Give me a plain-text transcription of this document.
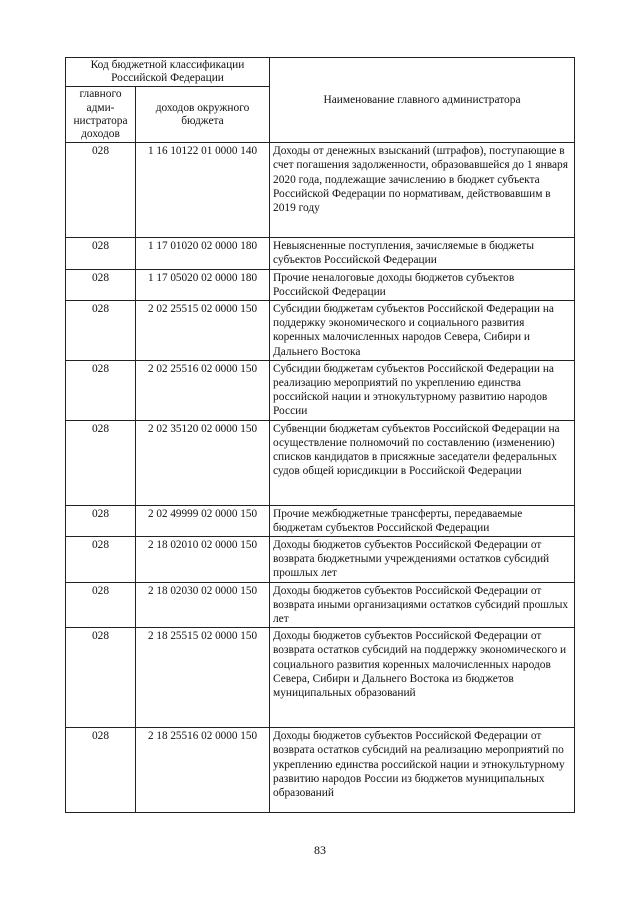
Код бюджетной классификации Российской Федерации		Наименование главного администратора
главного адми-нистратора доходов	доходов окружного бюджета	
028	1 16 10122 01 0000 140	Доходы от денежных взысканий (штрафов), поступающие в счет погашения задолженности, образовавшейся до 1 января 2020 года, подлежащие зачислению в бюджет субъекта Российской Федерации по нормативам, действовавшим в 2019 году
028	1 17 01020 02 0000 180	Невыясненные поступления, зачисляемые в бюджеты субъектов Российской Федерации
028	1 17 05020 02 0000 180	Прочие неналоговые доходы бюджетов субъектов Российской Федерации
028	2 02 25515 02 0000 150	Субсидии бюджетам субъектов Российской Федерации на поддержку экономического и социального развития коренных малочисленных народов Севера, Сибири и Дальнего Востока
028	2 02 25516 02 0000 150	Субсидии бюджетам субъектов Российской Федерации на реализацию мероприятий по укреплению единства российской нации и этнокультурному развитию народов России
028	2 02 35120 02 0000 150	Субвенции бюджетам субъектов Российской Федерации на осуществление полномочий по составлению (изменению) списков кандидатов в присяжные заседатели федеральных судов общей юрисдикции в Российской Федерации
028	2 02 49999 02 0000 150	Прочие межбюджетные трансферты, передаваемые бюджетам субъектов Российской Федерации
028	2 18 02010 02 0000 150	Доходы бюджетов субъектов Российской Федерации от возврата бюджетными учреждениями остатков субсидий прошлых лет
028	2 18 02030 02 0000 150	Доходы бюджетов субъектов Российской Федерации от возврата иными организациями остатков субсидий прошлых лет
028	2 18 25515 02 0000 150	Доходы бюджетов субъектов Российской Федерации от возврата остатков субсидий на поддержку экономического и социального развития коренных малочисленных народов Севера, Сибири и Дальнего Востока из бюджетов муниципальных образований
028	2 18 25516 02 0000 150	Доходы бюджетов субъектов Российской Федерации от возврата остатков субсидий на реализацию мероприятий по укреплению единства российской нации и этнокультурному развитию народов России из бюджетов муниципальных образований
83
